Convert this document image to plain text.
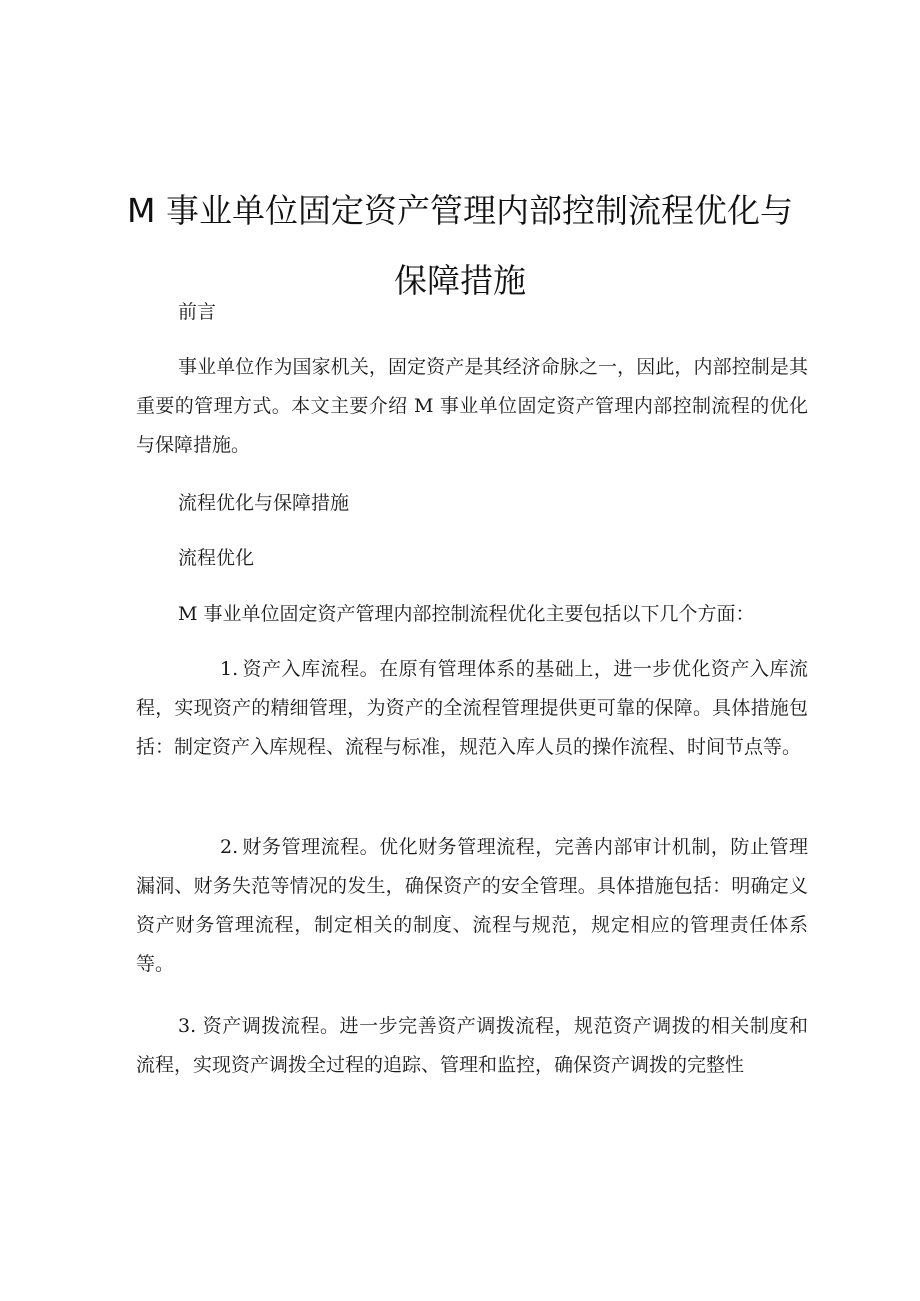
M 事业单位固定资产管理内部控制流程优化与保障措施

前言

事业单位作为国家机关，固定资产是其经济命脉之一，因此，内部控制是其重要的管理方式。本文主要介绍 M 事业单位固定资产管理内部控制流程的优化与保障措施。

流程优化与保障措施

流程优化

M 事业单位固定资产管理内部控制流程优化主要包括以下几个方面：

1. 资产入库流程。在原有管理体系的基础上，进一步优化资产入库流程，实现资产的精细管理，为资产的全流程管理提供更可靠的保障。具体措施包括：制定资产入库规程、流程与标准，规范入库人员的操作流程、时间节点等。

2. 财务管理流程。优化财务管理流程，完善内部审计机制，防止管理漏洞、财务失范等情况的发生，确保资产的安全管理。具体措施包括：明确定义资产财务管理流程，制定相关的制度、流程与规范，规定相应的管理责任体系等。

3. 资产调拨流程。进一步完善资产调拨流程，规范资产调拨的相关制度和流程，实现资产调拨全过程的追踪、管理和监控，确保资产调拨的完整性
